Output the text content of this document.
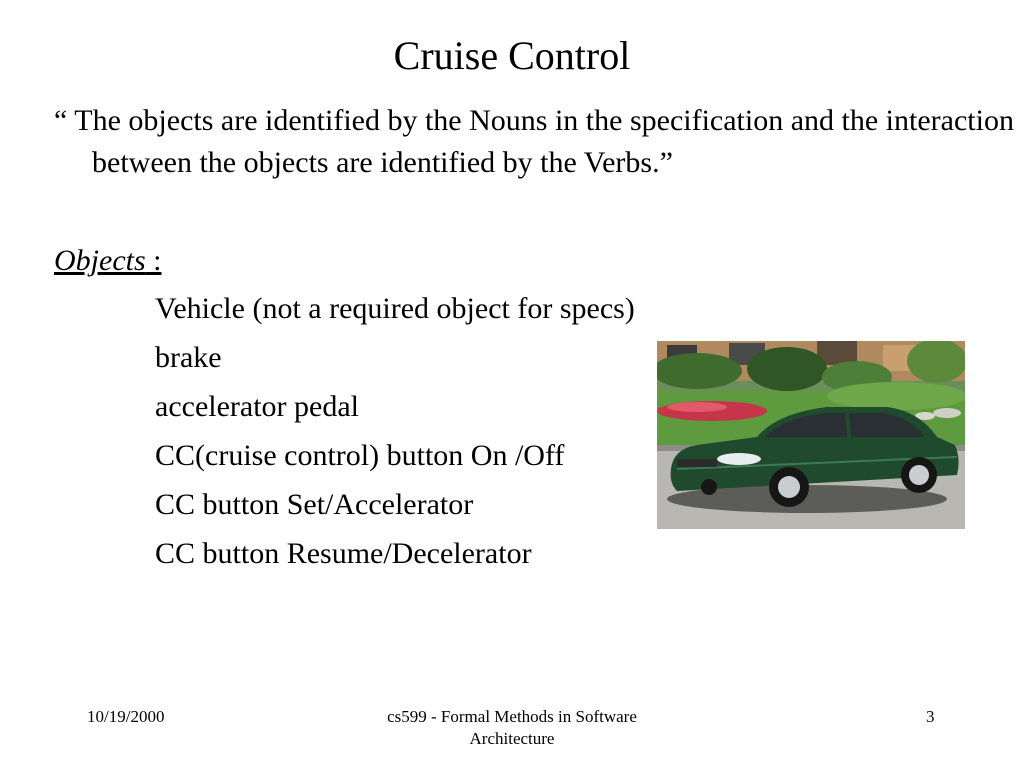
Cruise Control
“ The objects are identified by the Nouns in the specification and the interaction between the objects are identified by the Verbs.”
Objects :
Vehicle (not a required object for specs)
brake
accelerator pedal
CC(cruise control) button On /Off
CC button Set/Accelerator
CC button Resume/Decelerator
10/19/2000	cs599 - Formal Methods in Software Architecture
3
